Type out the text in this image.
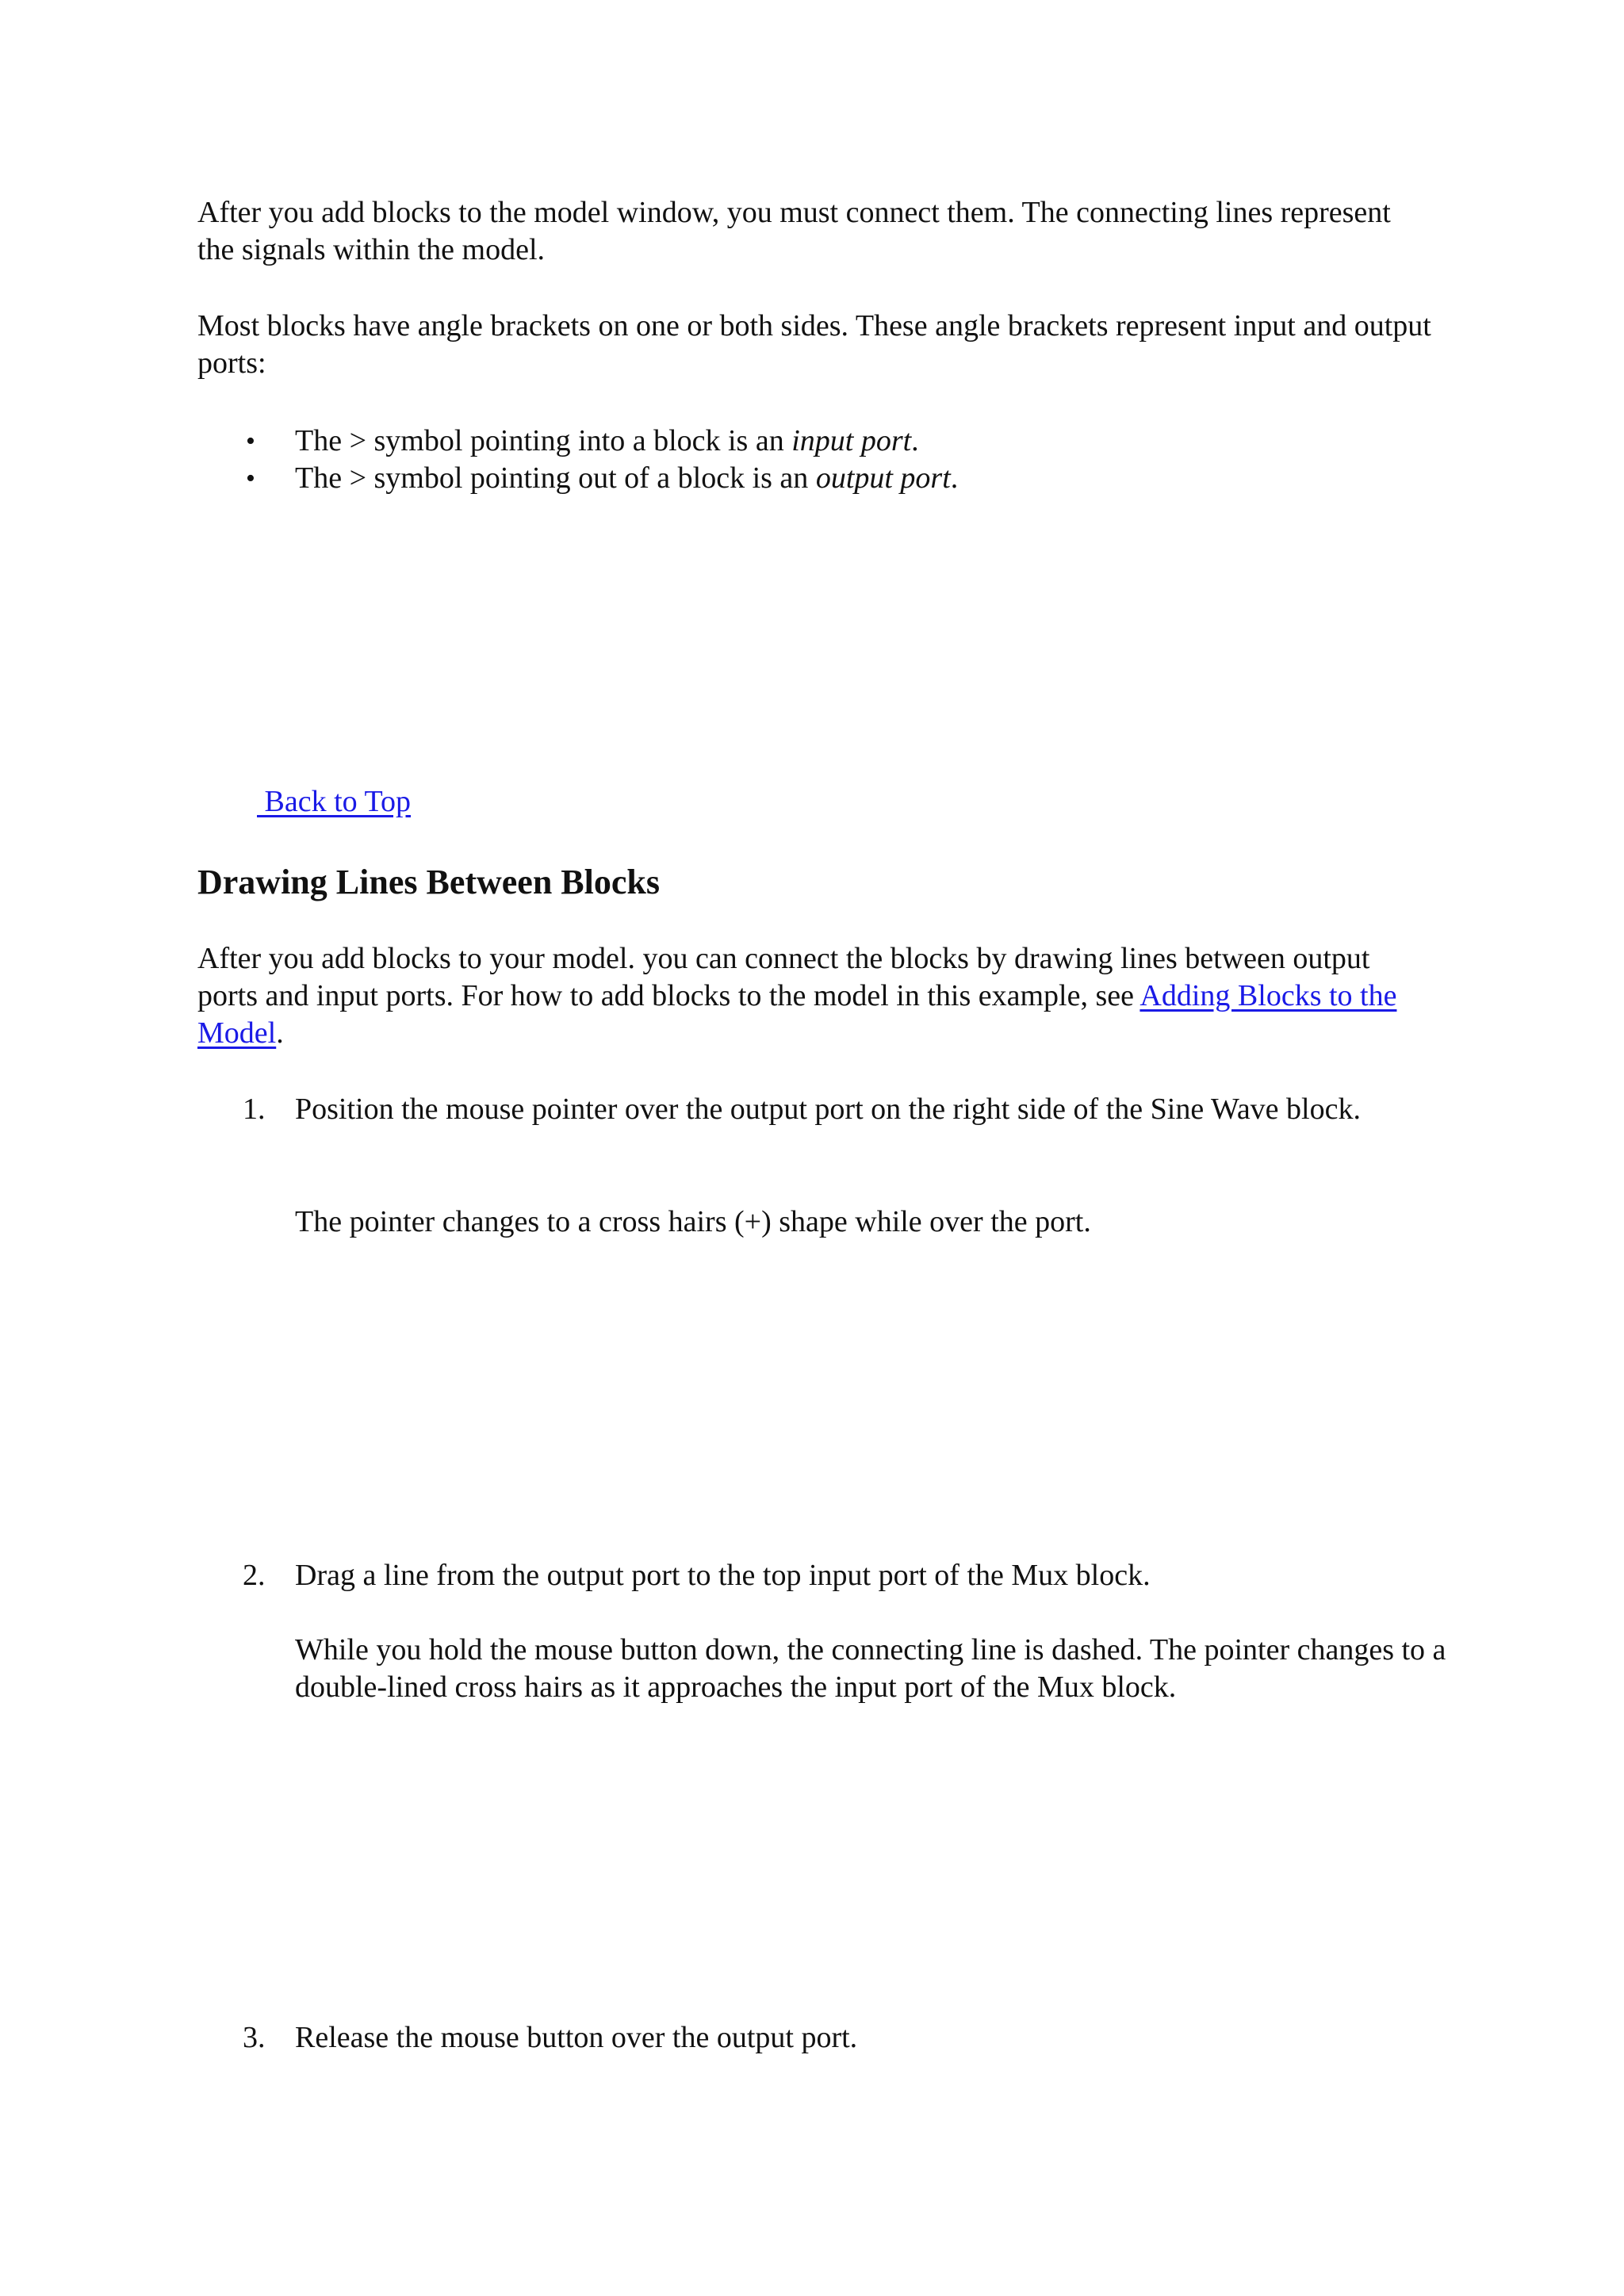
After you add blocks to the model window, you must connect them. The connecting lines represent the signals within the model.

Most blocks have angle brackets on one or both sides. These angle brackets represent input and output ports:

• The > symbol pointing into a block is an input port.
• The > symbol pointing out of a block is an output port.
Back to Top
Drawing Lines Between Blocks

After you add blocks to your model. you can connect the blocks by drawing lines between output ports and input ports. For how to add blocks to the model in this example, see Adding Blocks to the Model.

1. Position the mouse pointer over the output port on the right side of the Sine Wave block.
The pointer changes to a cross hairs (+) shape while over the port.
2. Drag a line from the output port to the top input port of the Mux block.
While you hold the mouse button down, the connecting line is dashed. The pointer changes to a double-lined cross hairs as it approaches the input port of the Mux block.
3. Release the mouse button over the output port.
